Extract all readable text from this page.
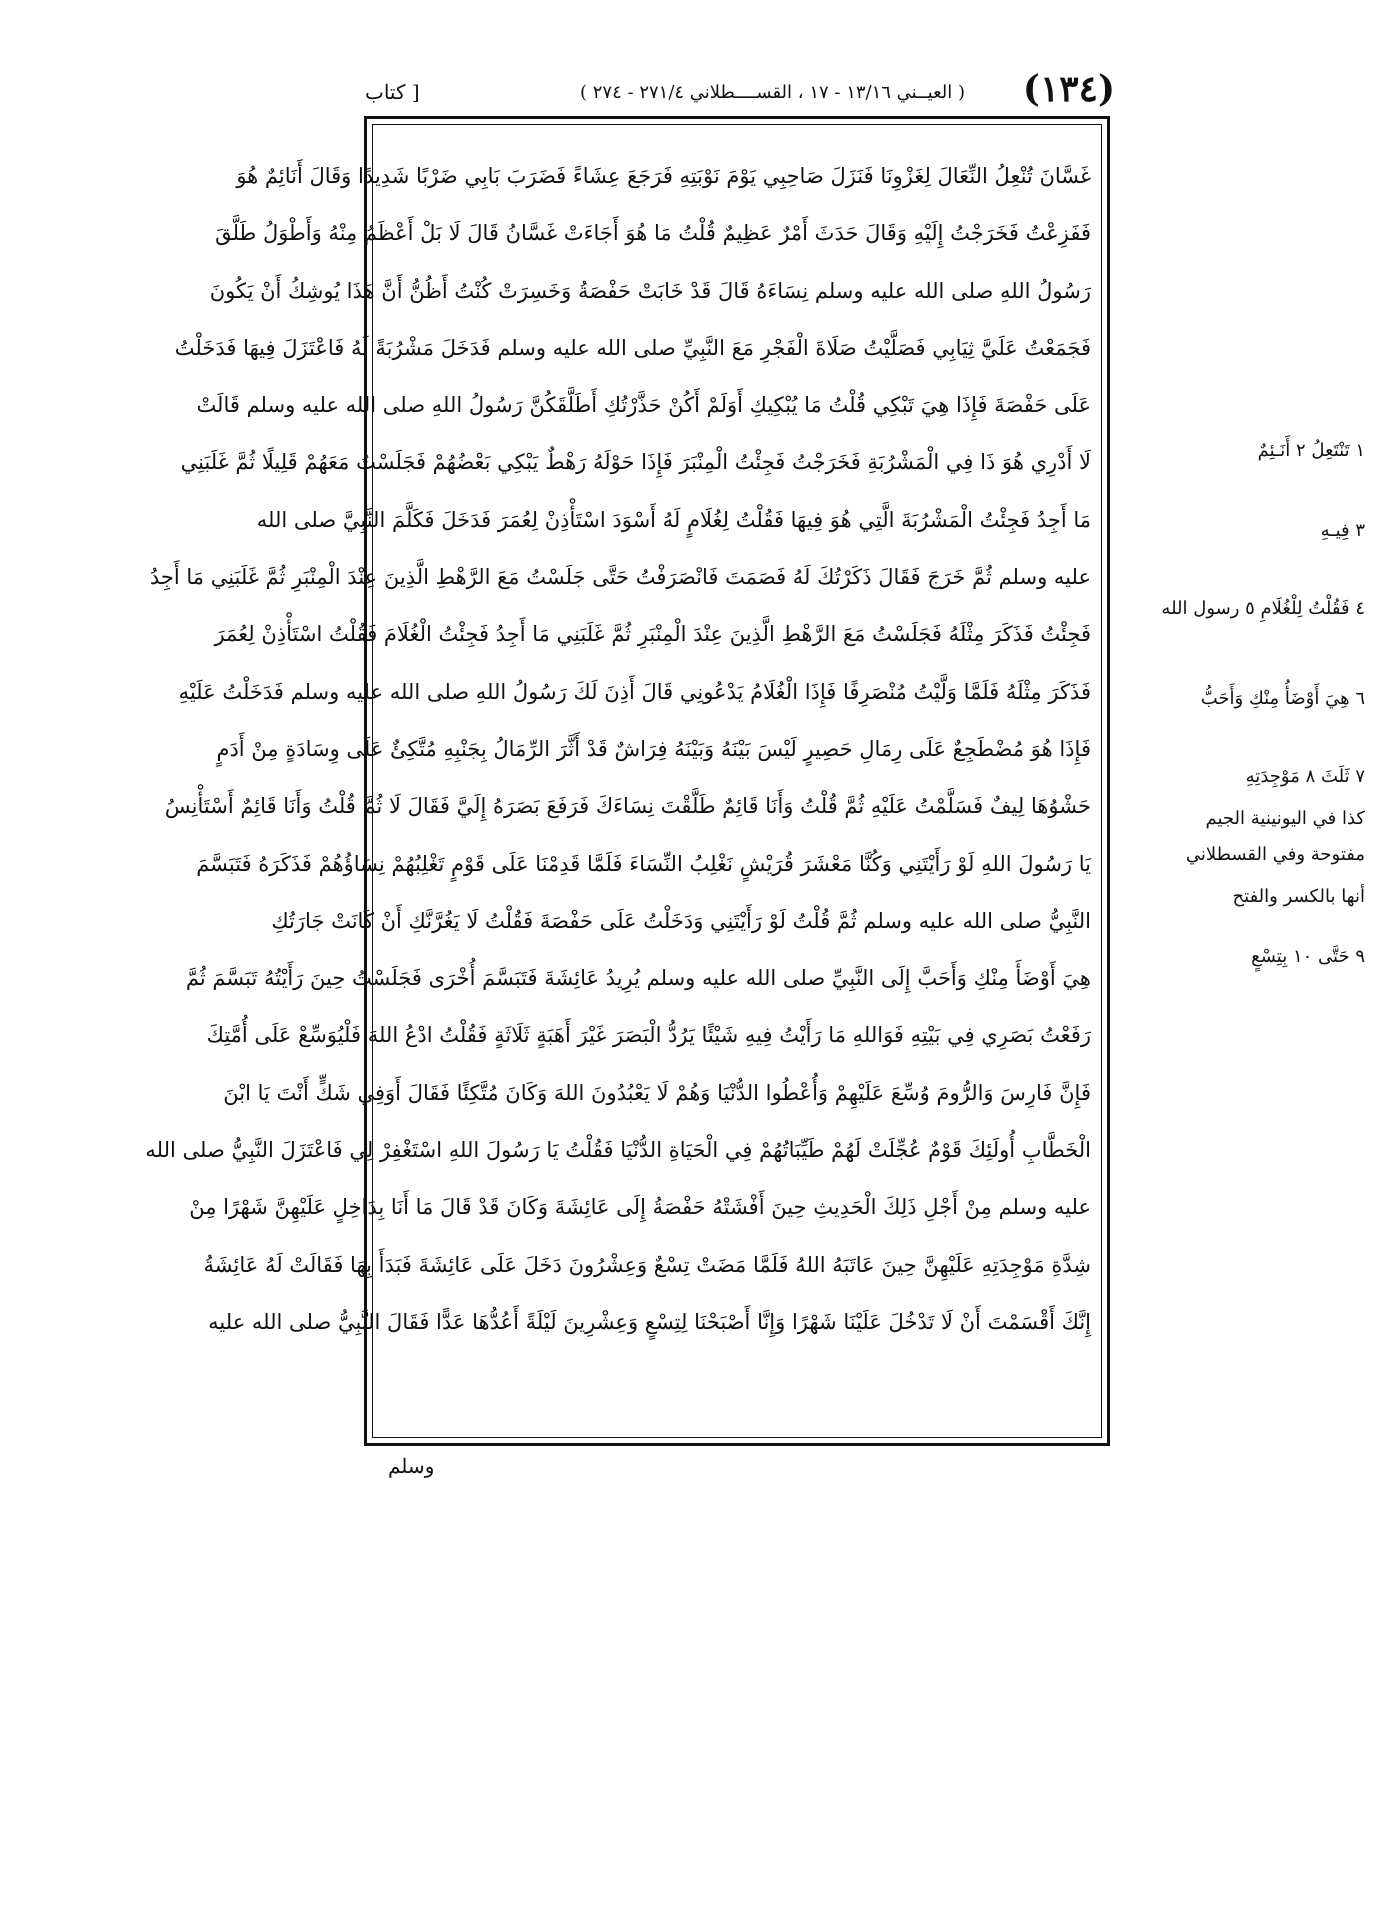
(١٣٤)
( العيــني ١٣/١٦ - ١٧ ، القســــطلاني ٢٧١/٤ - ٢٧٤ )
[ كتاب
غَسَّانَ تُنْعِلُ النِّعَالَ لِغَزْوِنَا فَنَزَلَ صَاحِبِي يَوْمَ نَوْبَتِهِ فَرَجَعَ عِشَاءً فَضَرَبَ بَابِي ضَرْبًا شَدِيدًا وَقَالَ أَنَائِمٌ هُوَ
فَفَزِعْتُ فَخَرَجْتُ إِلَيْهِ وَقَالَ حَدَثَ أَمْرٌ عَظِيمٌ قُلْتُ مَا هُوَ أَجَاءَتْ غَسَّانُ قَالَ لَا بَلْ أَعْظَمُ مِنْهُ وَأَطْوَلُ طَلَّقَ
رَسُولُ اللهِ صلى الله عليه وسلم نِسَاءَهُ قَالَ قَدْ خَابَتْ حَفْصَةُ وَخَسِرَتْ كُنْتُ أَظُنُّ أَنَّ هَذَا يُوشِكُ أَنْ يَكُونَ
فَجَمَعْتُ عَلَيَّ ثِيَابِي فَصَلَّيْتُ صَلَاةَ الْفَجْرِ مَعَ النَّبِيِّ صلى الله عليه وسلم فَدَخَلَ مَشْرُبَةً لَهُ فَاعْتَزَلَ فِيهَا فَدَخَلْتُ
عَلَى حَفْصَةَ فَإِذَا هِيَ تَبْكِي قُلْتُ مَا يُبْكِيكِ أَوَلَمْ أَكُنْ حَذَّرْتُكِ أَطَلَّقَكُنَّ رَسُولُ اللهِ صلى الله عليه وسلم قَالَتْ
لَا أَدْرِي هُوَ ذَا فِي الْمَشْرُبَةِ فَخَرَجْتُ فَجِئْتُ الْمِنْبَرَ فَإِذَا حَوْلَهُ رَهْطٌ يَبْكِي بَعْضُهُمْ فَجَلَسْتُ مَعَهُمْ قَلِيلًا ثُمَّ غَلَبَنِي
مَا أَجِدُ فَجِئْتُ الْمَشْرُبَةَ الَّتِي هُوَ فِيهَا فَقُلْتُ لِغُلَامٍ لَهُ أَسْوَدَ اسْتَأْذِنْ لِعُمَرَ فَدَخَلَ فَكَلَّمَ النَّبِيَّ صلى الله
عليه وسلم ثُمَّ خَرَجَ فَقَالَ ذَكَرْتُكَ لَهُ فَصَمَتَ فَانْصَرَفْتُ حَتَّى جَلَسْتُ مَعَ الرَّهْطِ الَّذِينَ عِنْدَ الْمِنْبَرِ ثُمَّ غَلَبَنِي مَا أَجِدُ
فَجِئْتُ فَذَكَرَ مِثْلَهُ فَجَلَسْتُ مَعَ الرَّهْطِ الَّذِينَ عِنْدَ الْمِنْبَرِ ثُمَّ غَلَبَنِي مَا أَجِدُ فَجِئْتُ الْغُلَامَ فَقُلْتُ اسْتَأْذِنْ لِعُمَرَ
فَذَكَرَ مِثْلَهُ فَلَمَّا وَلَّيْتُ مُنْصَرِفًا فَإِذَا الْغُلَامُ يَدْعُونِي قَالَ أَذِنَ لَكَ رَسُولُ اللهِ صلى الله عليه وسلم فَدَخَلْتُ عَلَيْهِ
فَإِذَا هُوَ مُضْطَجِعٌ عَلَى رِمَالِ حَصِيرٍ لَيْسَ بَيْنَهُ وَبَيْنَهُ فِرَاشٌ قَدْ أَثَّرَ الرِّمَالُ بِجَنْبِهِ مُتَّكِئٌ عَلَى وِسَادَةٍ مِنْ أَدَمٍ
حَشْوُهَا لِيفٌ فَسَلَّمْتُ عَلَيْهِ ثُمَّ قُلْتُ وَأَنَا قَائِمٌ طَلَّقْتَ نِسَاءَكَ فَرَفَعَ بَصَرَهُ إِلَيَّ فَقَالَ لَا ثُمَّ قُلْتُ وَأَنَا قَائِمٌ أَسْتَأْنِسُ
يَا رَسُولَ اللهِ لَوْ رَأَيْتَنِي وَكُنَّا مَعْشَرَ قُرَيْشٍ نَغْلِبُ النِّسَاءَ فَلَمَّا قَدِمْنَا عَلَى قَوْمٍ تَغْلِبُهُمْ نِسَاؤُهُمْ فَذَكَرَهُ فَتَبَسَّمَ
النَّبِيُّ صلى الله عليه وسلم ثُمَّ قُلْتُ لَوْ رَأَيْتَنِي وَدَخَلْتُ عَلَى حَفْصَةَ فَقُلْتُ لَا يَغُرَّنَّكِ أَنْ كَانَتْ جَارَتُكِ
هِيَ أَوْضَأَ مِنْكِ وَأَحَبَّ إِلَى النَّبِيِّ صلى الله عليه وسلم يُرِيدُ عَائِشَةَ فَتَبَسَّمَ أُخْرَى فَجَلَسْتُ حِينَ رَأَيْتُهُ تَبَسَّمَ ثُمَّ
رَفَعْتُ بَصَرِي فِي بَيْتِهِ فَوَاللهِ مَا رَأَيْتُ فِيهِ شَيْئًا يَرُدُّ الْبَصَرَ غَيْرَ أَهَبَةٍ ثَلَاثَةٍ فَقُلْتُ ادْعُ اللهَ فَلْيُوَسِّعْ عَلَى أُمَّتِكَ
فَإِنَّ فَارِسَ وَالرُّومَ وُسِّعَ عَلَيْهِمْ وَأُعْطُوا الدُّنْيَا وَهُمْ لَا يَعْبُدُونَ اللهَ وَكَانَ مُتَّكِئًا فَقَالَ أَوَفِي شَكٍّ أَنْتَ يَا ابْنَ
الْخَطَّابِ أُولَئِكَ قَوْمٌ عُجِّلَتْ لَهُمْ طَيِّبَاتُهُمْ فِي الْحَيَاةِ الدُّنْيَا فَقُلْتُ يَا رَسُولَ اللهِ اسْتَغْفِرْ لِي فَاعْتَزَلَ النَّبِيُّ صلى الله
عليه وسلم مِنْ أَجْلِ ذَلِكَ الْحَدِيثِ حِينَ أَفْشَتْهُ حَفْصَةُ إِلَى عَائِشَةَ وَكَانَ قَدْ قَالَ مَا أَنَا بِدَاخِلٍ عَلَيْهِنَّ شَهْرًا مِنْ
شِدَّةِ مَوْجِدَتِهِ عَلَيْهِنَّ حِينَ عَاتَبَهُ اللهُ فَلَمَّا مَضَتْ تِسْعٌ وَعِشْرُونَ دَخَلَ عَلَى عَائِشَةَ فَبَدَأَ بِهَا فَقَالَتْ لَهُ عَائِشَةُ
إِنَّكَ أَقْسَمْتَ أَنْ لَا تَدْخُلَ عَلَيْنَا شَهْرًا وَإِنَّا أَصْبَحْنَا لِتِسْعٍ وَعِشْرِينَ لَيْلَةً أَعُدُّهَا عَدًّا فَقَالَ النَّبِيُّ صلى الله عليه
وسلم
١ تَنْتَعِلُ ٢ أَنَـئِمٌ
٣ فِيـهِ
٤ فَقُلْتُ لِلْغُلَامِ ٥ رسول الله
٦ هِيَ أَوْضَأُ مِنْكِ وَأَحَبُّ
٧ ثَلَثَ ٨ مَوْجِدَتِهِ
كذا في اليونينية الجيم
مفتوحة وفي القسطلاني
أنها بالكسر والفتح
٩ حَتَّى ١٠ بِتِسْعٍ
